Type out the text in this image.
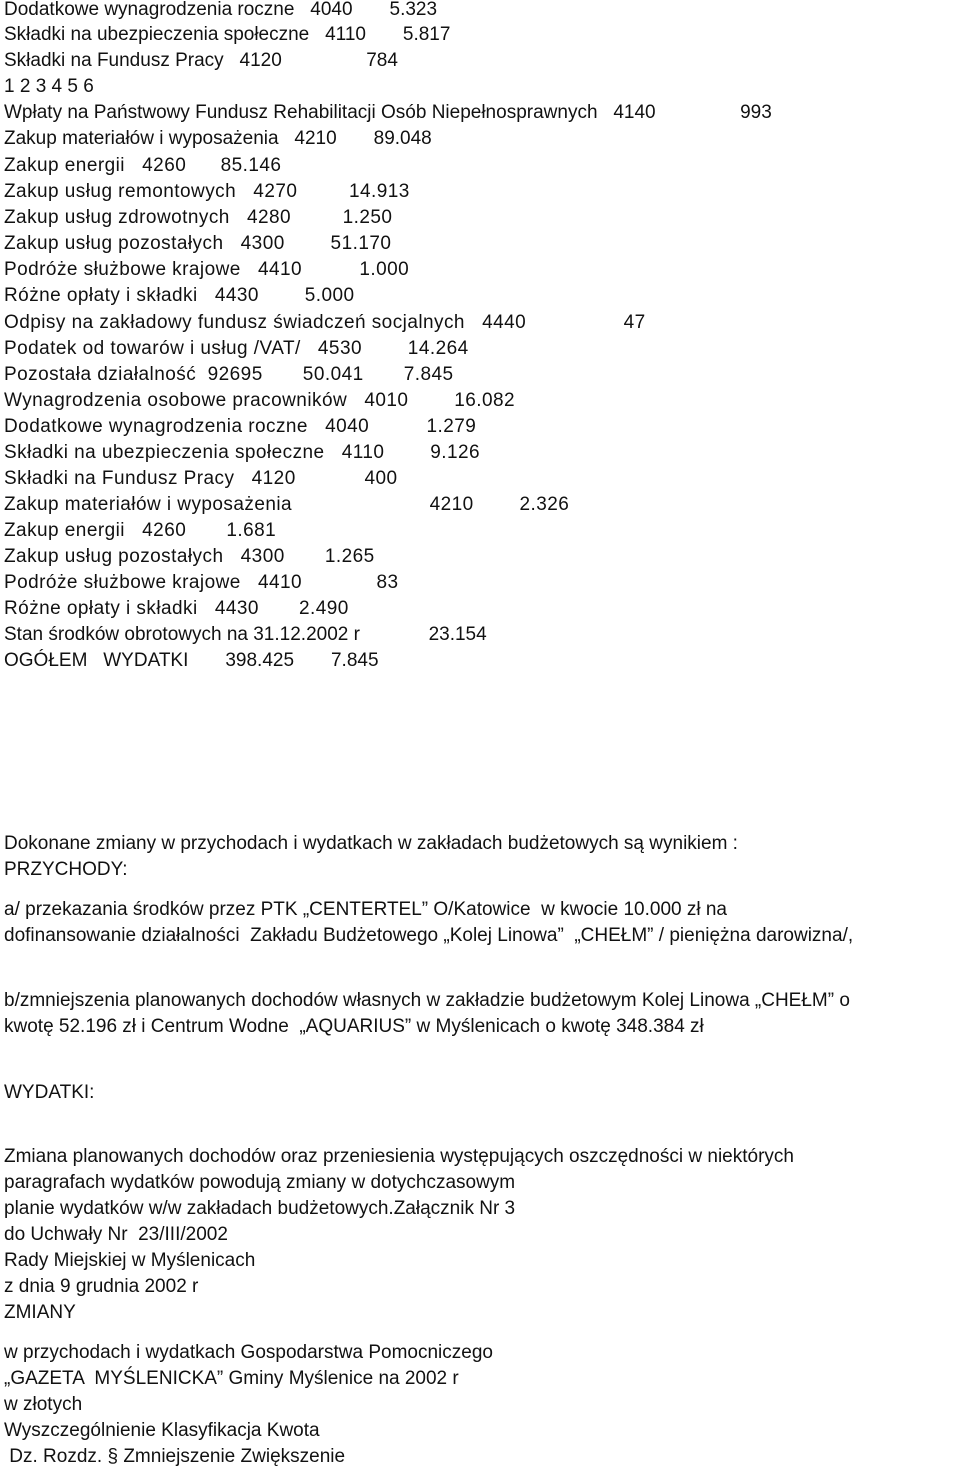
Dodatkowe wynagrodzenia roczne   4040       5.323

Składki na ubezpieczenia społeczne   4110       5.817

Składki na Fundusz Pracy   4120                784

1 2 3 4 5 6

Wpłaty na Państwowy Fundusz Rehabilitacji Osób Niepełnosprawnych   4140                993

Zakup materiałów i wyposażenia   4210       89.048

Zakup energii   4260      85.146

Zakup usług remontowych   4270         14.913

Zakup usług zdrowotnych   4280         1.250

Zakup usług pozostałych   4300        51.170

Podróże służbowe krajowe   4410          1.000

Różne opłaty i składki   4430        5.000

Odpisy na zakładowy fundusz świadczeń socjalnych   4440                 47

Podatek od towarów i usług /VAT/   4530        14.264

Pozostała działalność  92695       50.041       7.845

Wynagrodzenia osobowe pracowników   4010        16.082

Dodatkowe wynagrodzenia roczne   4040          1.279

Składki na ubezpieczenia społeczne   4110        9.126

Składki na Fundusz Pracy   4120            400

Zakup materiałów i wyposażenia                        4210        2.326

Zakup energii   4260       1.681

Zakup usług pozostałych   4300       1.265

Podróże służbowe krajowe   4410             83

Różne opłaty i składki   4430       2.490

Stan środków obrotowych na 31.12.2002 r             23.154

OGÓŁEM   WYDATKI       398.425       7.845

Dokonane zmiany w przychodach i wydatkach w zakładach budżetowych są wynikiem :

PRZYCHODY:

a/ przekazania środków przez PTK „CENTERTEL” O/Katowice  w kwocie 10.000 zł na

dofinansowanie działalności  Zakładu Budżetowego „Kolej Linowa”  „CHEŁM” / pieniężna darowizna/,

b/zmniejszenia planowanych dochodów własnych w zakładzie budżetowym Kolej Linowa „CHEŁM” o

kwotę 52.196 zł i Centrum Wodne  „AQUARIUS” w Myślenicach o kwotę 348.384 zł

WYDATKI:

Zmiana planowanych dochodów oraz przeniesienia występujących oszczędności w niektórych

paragrafach wydatków powodują zmiany w dotychczasowym

planie wydatków w/w zakładach budżetowych.Załącznik Nr 3

do Uchwały Nr  23/III/2002

Rady Miejskiej w Myślenicach

z dnia 9 grudnia 2002 r

ZMIANY

w przychodach i wydatkach Gospodarstwa Pomocniczego

„GAZETA  MYŚLENICKA” Gminy Myślenice na 2002 r

w złotych

Wyszczególnienie Klasyfikacja Kwota

Dz. Rozdz. § Zmniejszenie Zwiększenie
